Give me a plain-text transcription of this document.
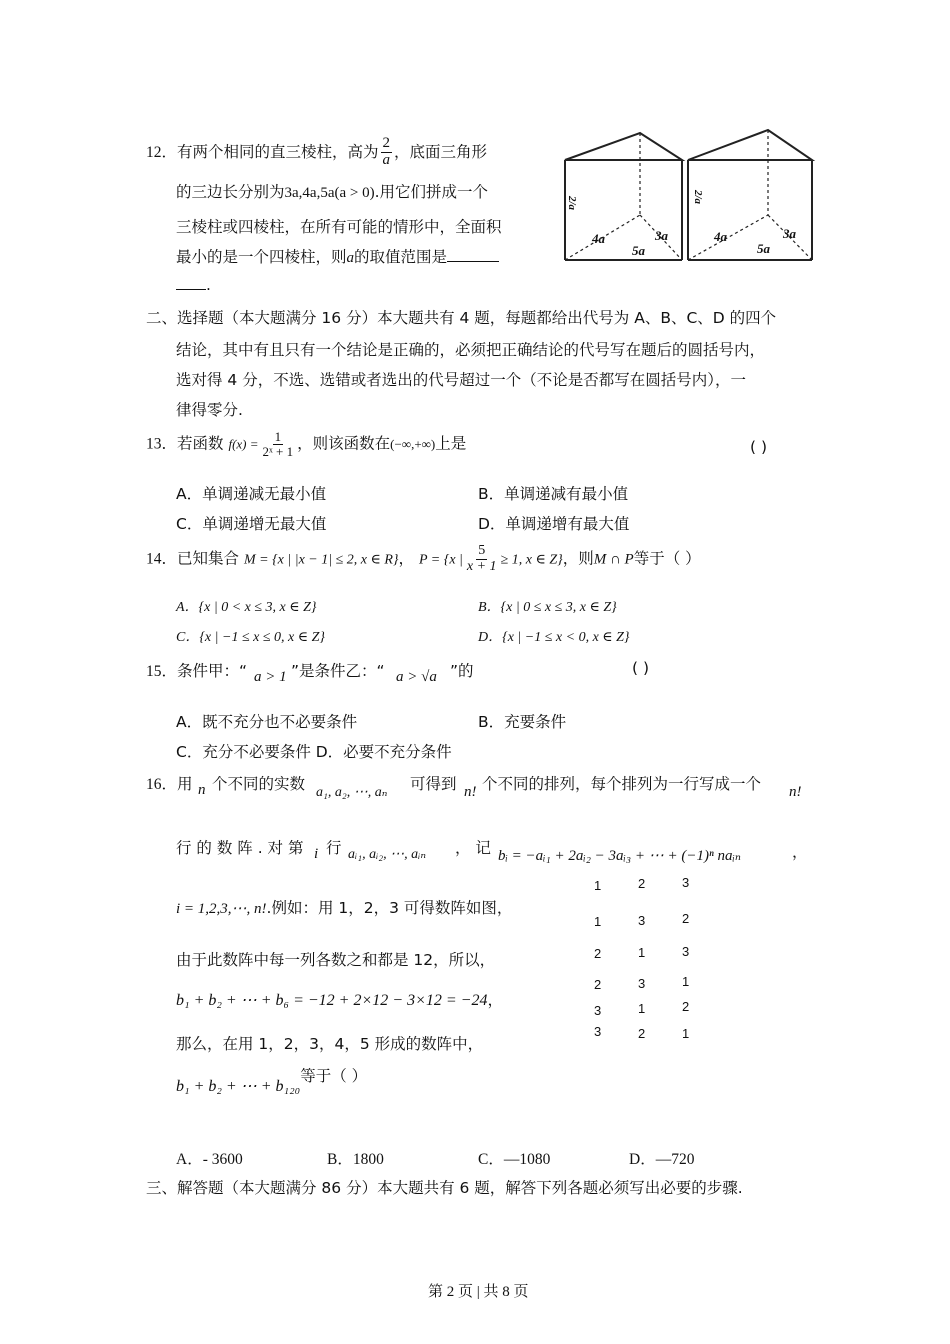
12．有两个相同的直三棱柱，高为 $\frac{2}{a}$ ，底面三角形
的三边长分别为3a,4a,5a(a > 0).用它们拼成一个
三棱柱或四棱柱，在所有可能的情形中，全面积
最小的是一个四棱柱，则a的取值范围是
.
2/a
4a	3a
5a
2/a
4a	3a
5a
二、选择题（本大题满分 16 分）本大题共有 4 题，每题都给出代号为 A、B、C、D 的四个
结论，其中有且只有一个结论是正确的，必须把正确结论的代号写在题后的圆括号内，
选对得 4 分，不选、选错或者选出的代号超过一个（不论是否都写在圆括号内），一
律得零分.
13．若函数 $f(x) = \frac{1}{\text{2ˣ + 1}}$ ，则该函数在(−∞,+∞)上是	( )
A．单调递减无最小值	B．单调递减有最小值
C．单调递增无最大值	D．单调递增有最大值
14．已知集合 M = {x | |x − 1| ≤ 2, x ∈ R}， P = {x | $\frac{5}{x + 1} \ge 1$, x ∈ Z}，则M ∩ P等于（ ）
A．{x | 0 < x ≤ 3, x ∈ Z}	B．{x | 0 ≤ x ≤ 3, x ∈ Z}
C．{x | −1 ≤ x ≤ 0, x ∈ Z}	D．{x | −1 ≤ x < 0, x ∈ Z}
15．条件甲：“ a > 1 ”是条件乙：“ a > √a ”的	( )
A．既不充分也不必要条件	B．充要条件
C．充分不必要条件 D．必要不充分条件
16．用 n 个不同的实数 a₁, a₂, ⋯, aₙ 可得到 n! 个不同的排列，每个排列为一行写成一个 n!
行 的 数 阵 . 对 第 i 行 aᵢ₁, aᵢ₂, ⋯, aᵢₙ ， 记 bᵢ = −aᵢ₁ + 2aᵢ₂ − 3aᵢ₃ + ⋯ + (−1)ⁿ naᵢₙ	，
i = 1,2,3,⋯, n!.例如：用 1，2，3 可得数阵如图，
由于此数阵中每一列各数之和都是 12，所以，
b₁ + b₂ + ⋯ + b₆ = −12 + 2×12 − 3×12 = −24，
那么，在用 1，2，3，4，5 形成的数阵中，
b₁ + b₂ + ⋯ + b₁₂₀等于（ ）
1	2	3
1	3	2
2	1	3
2	3	1
3	1	2
3	2	1
A．- 3600	B．1800	C．—1080	D．—720
三、解答题（本大题满分 86 分）本大题共有 6 题，解答下列各题必须写出必要的步骤.
第 2 页 | 共 8 页
